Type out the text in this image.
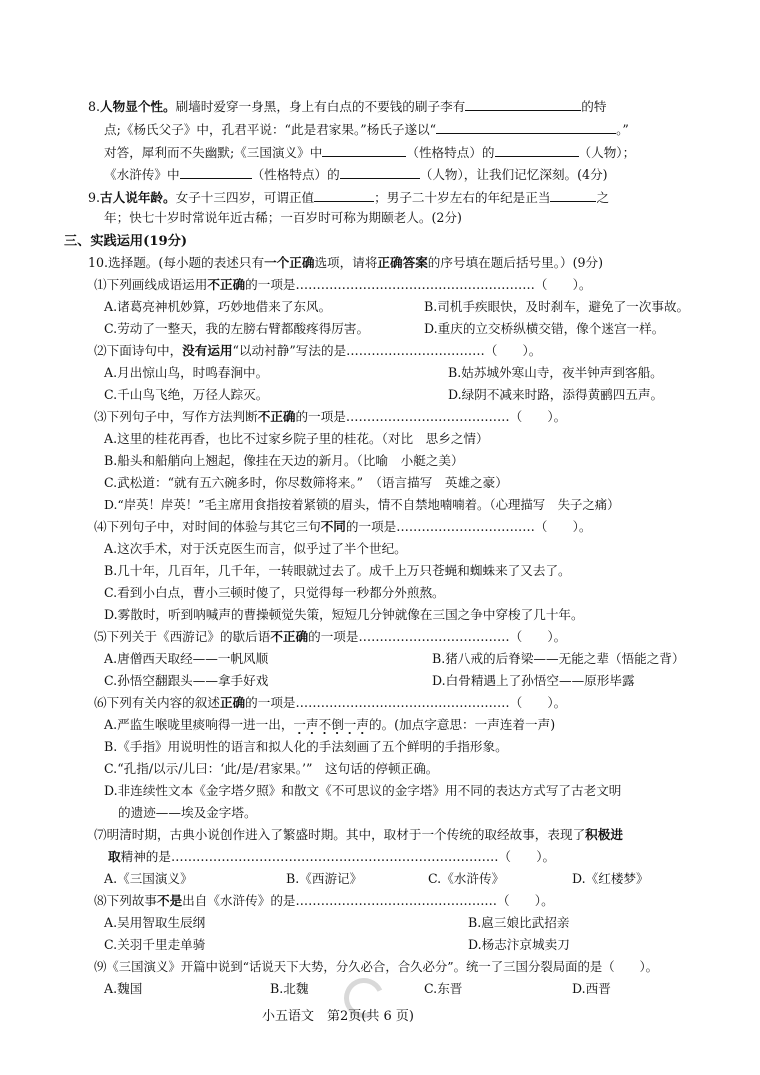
8.人物显个性。刷墙时爱穿一身黑，身上有白点的不要钱的刷子李有	的特
点;《杨氏父子》中，孔君平说：“此是君家果。”杨氏子遂以“	。”
对答，犀利而不失幽默;《三国演义》中	（性格特点）的	（人物）；
《水浒传》中	（性格特点）的	（人物），让我们记忆深刻。(4分)
9.古人说年龄。女子十三四岁，可谓正值	；男子二十岁左右的年纪是正当	之
年；快七十岁时常说年近古稀；一百岁时可称为期颐老人。(2分)
三、实践运用(19分)
10.选择题。(每小题的表述只有一个正确选项，请将正确答案的序号填在题后括号里。）(9分)
⑴下列画线成语运用不正确的一项是…………………………………………………（　　）。
A.诸葛亮神机妙算，巧妙地借来了东风。	B.司机手疾眼快，及时刹车，避免了一次事故。
C.劳动了一整天，我的左膀右臂都酸疼得厉害。	D.重庆的立交桥纵横交错，像个迷宫一样。
⑵下面诗句中，没有运用“以动衬静”写法的是……………………………（　　）。
A.月出惊山鸟，时鸣春涧中。	B.姑苏城外寒山寺，夜半钟声到客船。
C.千山鸟飞绝，万径人踪灭。	D.绿阴不减来时路，添得黄鹂四五声。
⑶下列句子中，写作方法判断不正确的一项是…………………………………（　　）。
A.这里的桂花再香，也比不过家乡院子里的桂花。（对比　思乡之情）
B.船头和船艄向上翘起，像挂在天边的新月。（比喻　小艇之美）
C.武松道：“就有五六碗多时，你尽数筛将来。”　（语言描写　英雄之豪）
D.“岸英！岸英！”毛主席用食指按着紧锁的眉头，情不自禁地喃喃着。（心理描写　失子之痛）
⑷下列句子中，对时间的体验与其它三句不同的一项是……………………………（　　）。
A.这次手术，对于沃克医生而言，似乎过了半个世纪。
B.几十年，几百年，几千年，一转眼就过去了。成千上万只苍蝇和蜘蛛来了又去了。
C.看到小白点，曹小三顿时傻了，只觉得每一秒都分外煎熬。
D.雾散时，听到呐喊声的曹操顿觉失策，短短几分钟就像在三国之争中穿梭了几十年。
⑸下列关于《西游记》的歇后语不正确的一项是………………………………（　　）。
A.唐僧西天取经——一帆风顺	B.猪八戒的后脊梁——无能之辈（悟能之背）
C.孙悟空翻跟头——拿手好戏	D.白骨精遇上了孙悟空——原形毕露
⑹下列有关内容的叙述正确的一项是……………………………………………（　　）。
A.严监生喉咙里痰响得一进一出，一声不倒一声的。(加点字意思：一声连着一声)
B.《手指》用说明性的语言和拟人化的手法刻画了五个鲜明的手指形象。
C.“孔指/以示/儿曰：‘此/是/君家果。’”　这句话的停顿正确。
D.非连续性文本《金字塔夕照》和散文《不可思议的金字塔》用不同的表达方式写了古老文明
的遗迹——埃及金字塔。
⑺明清时期，古典小说创作进入了繁盛时期。其中，取材于一个传统的取经故事，表现了积极进
取精神的是……………………………………………………………………（　　）。
A.《三国演义》	B.《西游记》	C.《水浒传》	D.《红楼梦》
⑻下列故事不是出自《水浒传》的是…………………………………………（　　）。
A.吴用智取生辰纲	B.扈三娘比武招亲
C.关羽千里走单骑	D.杨志汴京城卖刀
⑼《三国演义》开篇中说到“话说天下大势，分久必合，合久必分”。统一了三国分裂局面的是（　　）。
A.魏国	B.北魏	C.东晋	D.西晋
小五语文　第2页(共 6 页)
